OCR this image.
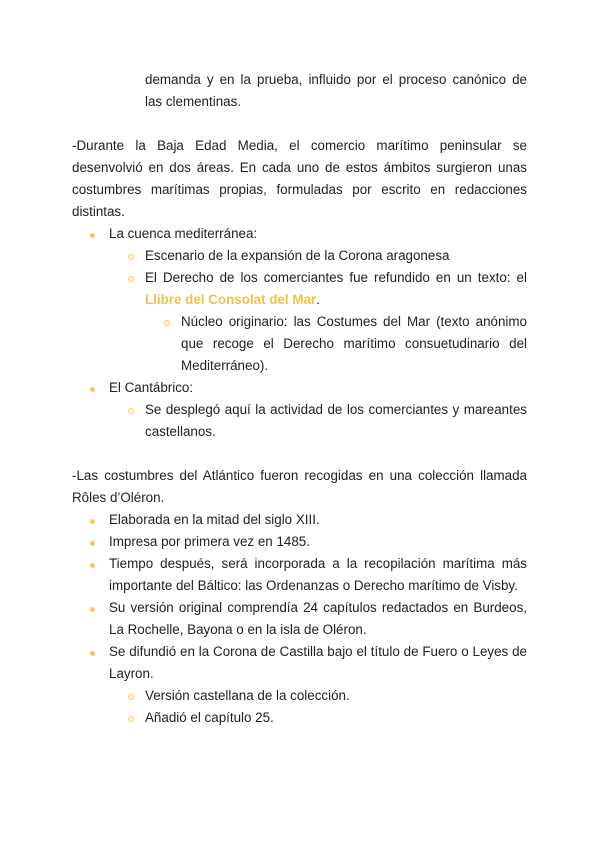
demanda y en la prueba, influido por el proceso canónico de
las clementinas.
-Durante la Baja Edad Media, el comercio marítimo peninsular se
desenvolvió en dos áreas. En cada uno de estos ámbitos surgieron unas
costumbres marítimas propias, formuladas por escrito en redacciones
distintas.
La cuenca mediterránea:
Escenario de la expansión de la Corona aragonesa
El Derecho de los comerciantes fue refundido en un texto: el
Llibre del Consolat del Mar.
Núcleo originario: las Costumes del Mar (texto anónimo
que recoge el Derecho marítimo consuetudinario del
Mediterráneo).
El Cantábrico:
Se desplegó aquí la actividad de los comerciantes y mareantes
castellanos.
-Las costumbres del Atlántico fueron recogidas en una colección llamada
Rôles d’Oléron.
Elaborada en la mitad del siglo XIII.
Impresa por primera vez en 1485.
Tiempo después, será incorporada a la recopilación marítima más
importante del Báltico: las Ordenanzas o Derecho marítimo de Visby.
Su versión original comprendía 24 capítulos redactados en Burdeos,
La Rochelle, Bayona o en la isla de Oléron.
Se difundió en la Corona de Castilla bajo el título de Fuero o Leyes de
Layron.
Versión castellana de la colección.
Añadió el capítulo 25.
